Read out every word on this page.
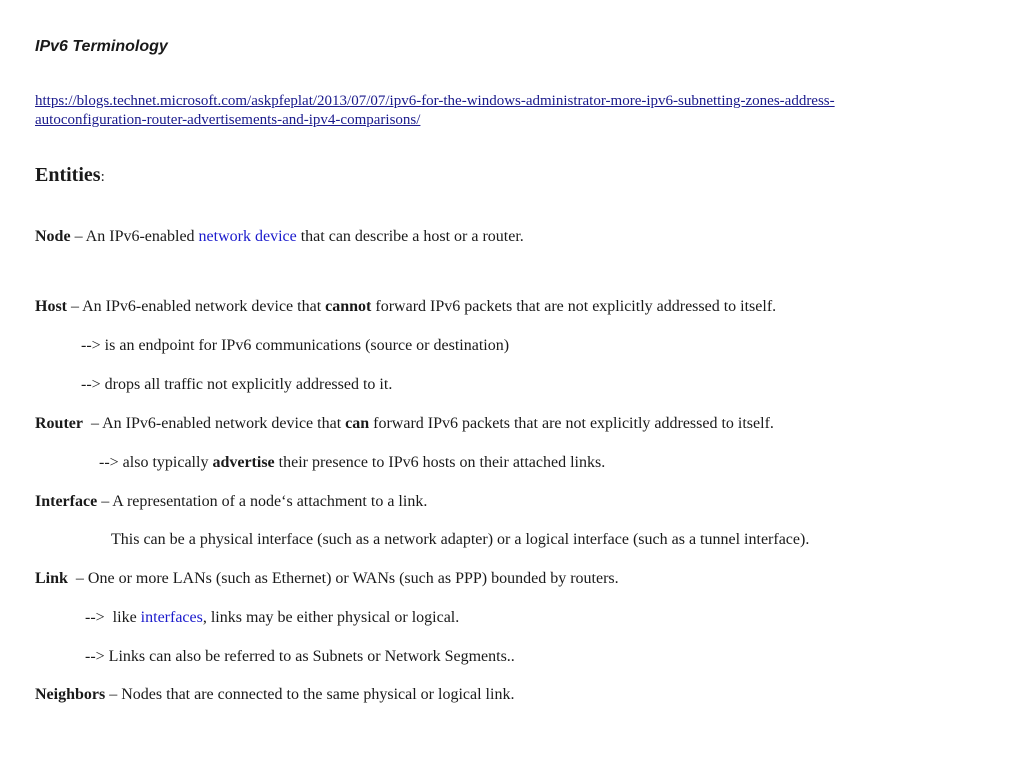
IPv6 Terminology
https://blogs.technet.microsoft.com/askpfeplat/2013/07/07/ipv6-for-the-windows-administrator-more-ipv6-subnetting-zones-address-
autoconfiguration-router-advertisements-and-ipv4-comparisons/
Entities:

Node – An IPv6-enabled network device that can describe a host or a router.

Host – An IPv6-enabled network device that cannot forward IPv6 packets that are not explicitly addressed to itself.

--> is an endpoint for IPv6 communications (source or destination)

--> drops all traffic not explicitly addressed to it.

Router  – An IPv6-enabled network device that can forward IPv6 packets that are not explicitly addressed to itself.

--> also typically advertise their presence to IPv6 hosts on their attached links.

Interface – A representation of a node‘s attachment to a link.

This can be a physical interface (such as a network adapter) or a logical interface (such as a tunnel interface).

Link  – One or more LANs (such as Ethernet) or WANs (such as PPP) bounded by routers.

-->  like interfaces, links may be either physical or logical.

--> Links can also be referred to as Subnets or Network Segments..

Neighbors – Nodes that are connected to the same physical or logical link.
